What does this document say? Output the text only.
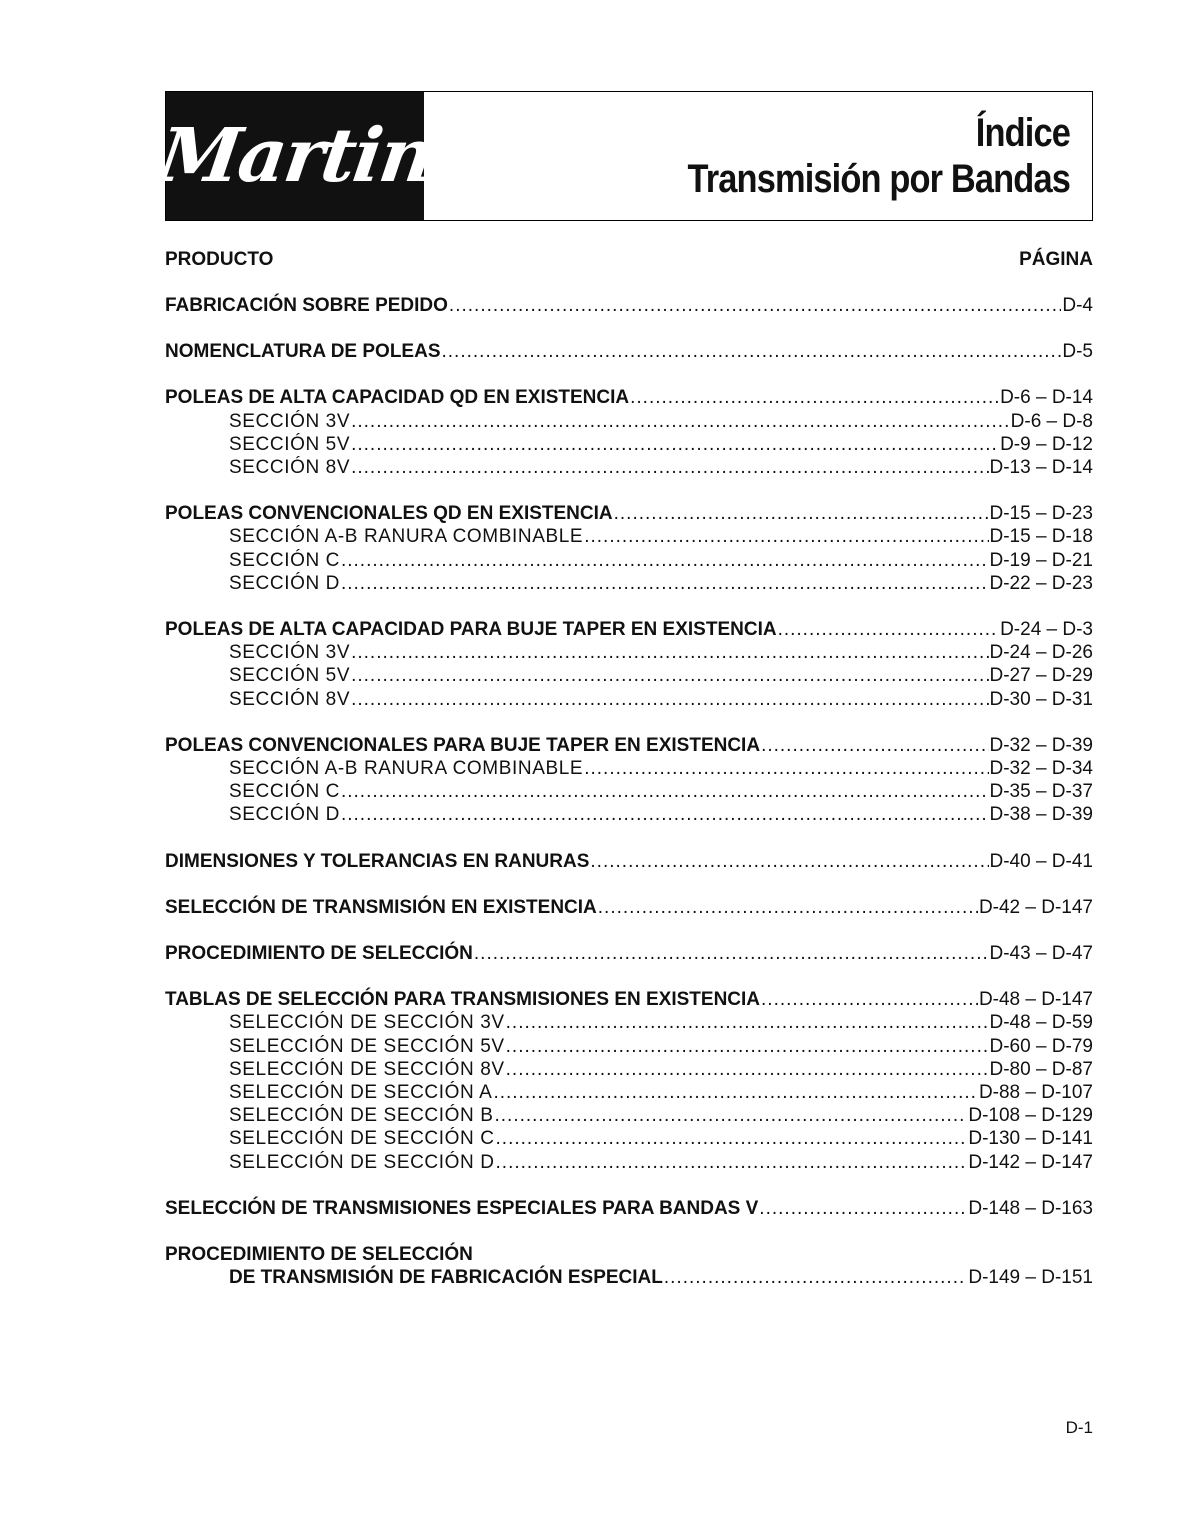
Martin	Índice
Transmisión por Bandas
PRODUCTO	PÁGINA
FABRICACIÓN SOBRE PEDIDO .....	D-4
NOMENCLATURA DE POLEAS .....	D-5
POLEAS DE ALTA CAPACIDAD QD EN EXISTENCIA .....	D-6 – D-14
SECCIÓN 3V .....	D-6 – D-8
SECCIÓN 5V .....	D-9 – D-12
SECCIÓN 8V .....	D-13 – D-14
POLEAS CONVENCIONALES QD EN EXISTENCIA .....	D-15 – D-23
SECCIÓN A-B RANURA COMBINABLE .....	D-15 – D-18
SECCIÓN C .....	D-19 – D-21
SECCIÓN D .....	D-22 – D-23
POLEAS DE ALTA CAPACIDAD PARA BUJE TAPER EN EXISTENCIA .....	D-24 – D-3
SECCIÓN 3V .....	D-24 – D-26
SECCIÓN 5V .....	D-27 – D-29
SECCIÓN 8V .....	D-30 – D-31
POLEAS CONVENCIONALES PARA BUJE TAPER EN EXISTENCIA .....	D-32 – D-39
SECCIÓN A-B RANURA COMBINABLE .....	D-32 – D-34
SECCIÓN C .....	D-35 – D-37
SECCIÓN D .....	D-38 – D-39
DIMENSIONES Y TOLERANCIAS EN RANURAS .....	D-40 – D-41
SELECCIÓN DE TRANSMISIÓN EN EXISTENCIA .....	D-42 – D-147
PROCEDIMIENTO DE SELECCIÓN .....	D-43 – D-47
TABLAS DE SELECCIÓN PARA TRANSMISIONES EN EXISTENCIA .....	D-48 – D-147
SELECCIÓN DE SECCIÓN 3V .....	D-48 – D-59
SELECCIÓN DE SECCIÓN 5V .....	D-60 – D-79
SELECCIÓN DE SECCIÓN 8V .....	D-80 – D-87
SELECCIÓN DE SECCIÓN A .....	D-88 – D-107
SELECCIÓN DE SECCIÓN B .....	D-108 – D-129
SELECCIÓN DE SECCIÓN C .....	D-130 – D-141
SELECCIÓN DE SECCIÓN D .....	D-142 – D-147
SELECCIÓN DE TRANSMISIONES ESPECIALES PARA BANDAS V .....	D-148 – D-163
PROCEDIMIENTO DE SELECCIÓN
DE TRANSMISIÓN DE FABRICACIÓN ESPECIAL .....	D-149 – D-151
D-1
